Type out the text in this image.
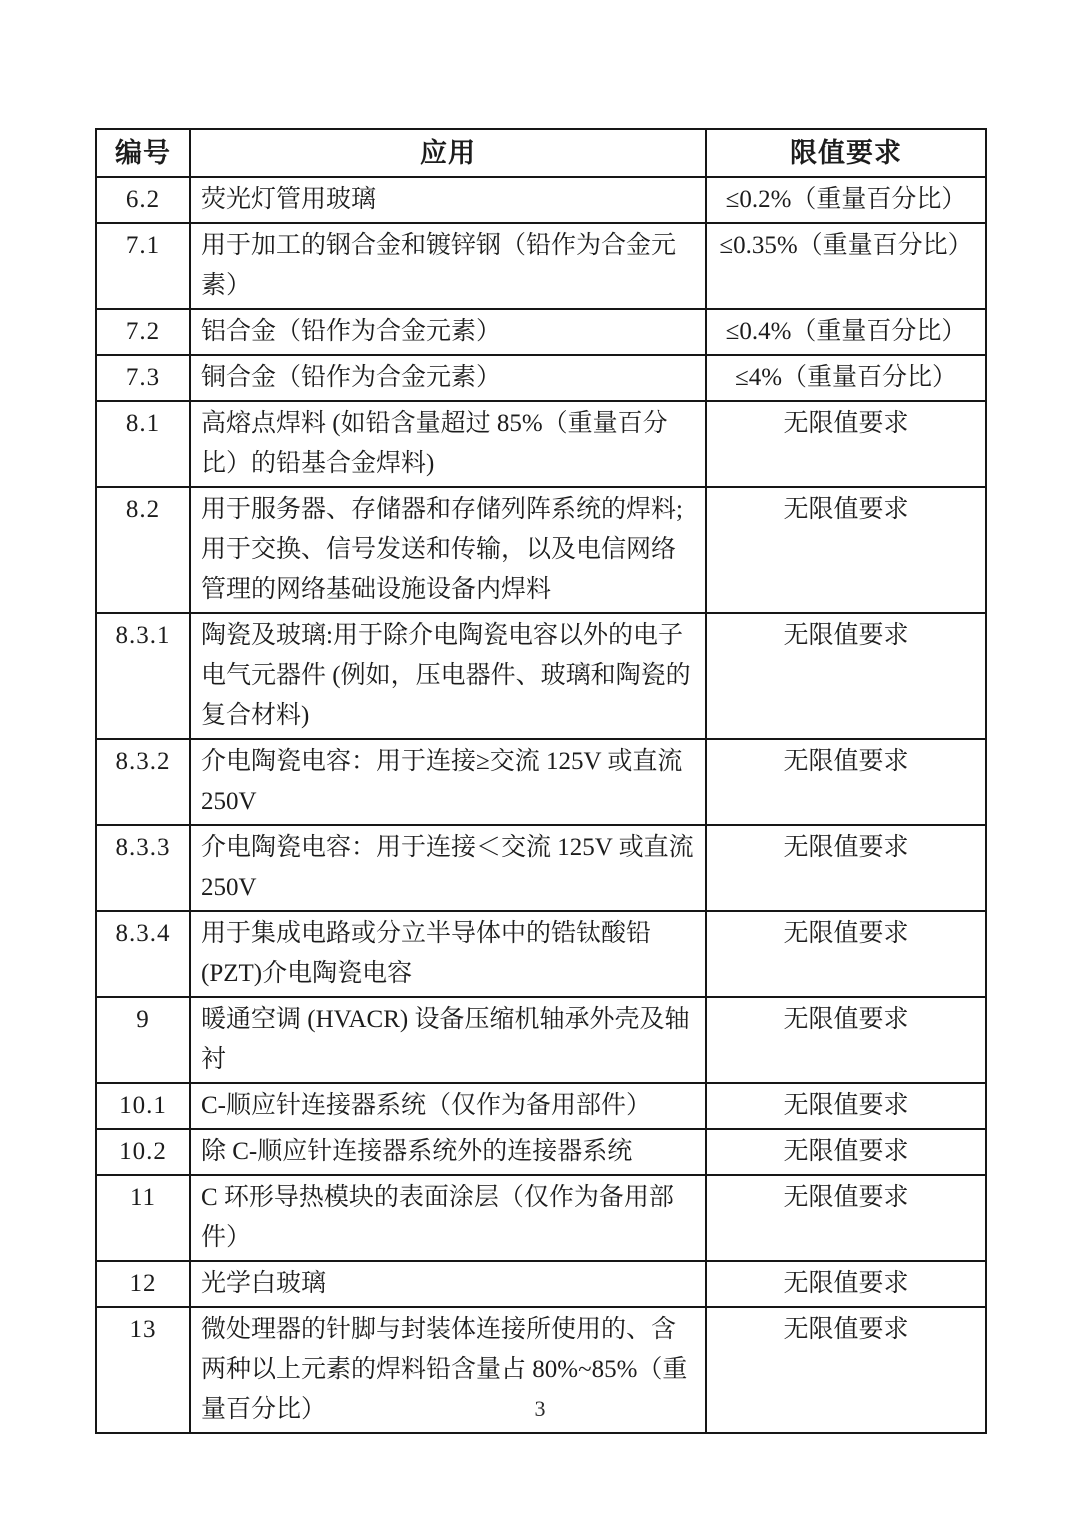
编号	应用	限值要求
6.2	荧光灯管用玻璃	≤0.2%（重量百分比）
7.1	用于加工的钢合金和镀锌钢（铅作为合金元素）	≤0.35%（重量百分比）
7.2	铝合金（铅作为合金元素）	≤0.4%（重量百分比）
7.3	铜合金（铅作为合金元素）	≤4%（重量百分比）
8.1	高熔点焊料 (如铅含量超过 85%（重量百分比）的铅基合金焊料)	无限值要求
8.2	用于服务器、存储器和存储列阵系统的焊料; 用于交换、信号发送和传输，以及电信网络管理的网络基础设施设备内焊料	无限值要求
8.3.1	陶瓷及玻璃:用于除介电陶瓷电容以外的电子电气元器件 (例如，压电器件、玻璃和陶瓷的复合材料)	无限值要求
8.3.2	介电陶瓷电容：用于连接≥交流 125V 或直流 250V	无限值要求
8.3.3	介电陶瓷电容：用于连接＜交流 125V 或直流 250V	无限值要求
8.3.4	用于集成电路或分立半导体中的锆钛酸铅(PZT)介电陶瓷电容	无限值要求
9	暖通空调 (HVACR) 设备压缩机轴承外壳及轴衬	无限值要求
10.1	C-顺应针连接器系统（仅作为备用部件）	无限值要求
10.2	除 C-顺应针连接器系统外的连接器系统	无限值要求
11	C 环形导热模块的表面涂层（仅作为备用部件）	无限值要求
12	光学白玻璃	无限值要求
13	微处理器的针脚与封装体连接所使用的、含两种以上元素的焊料铅含量占 80%~85%（重量百分比）	无限值要求
3
